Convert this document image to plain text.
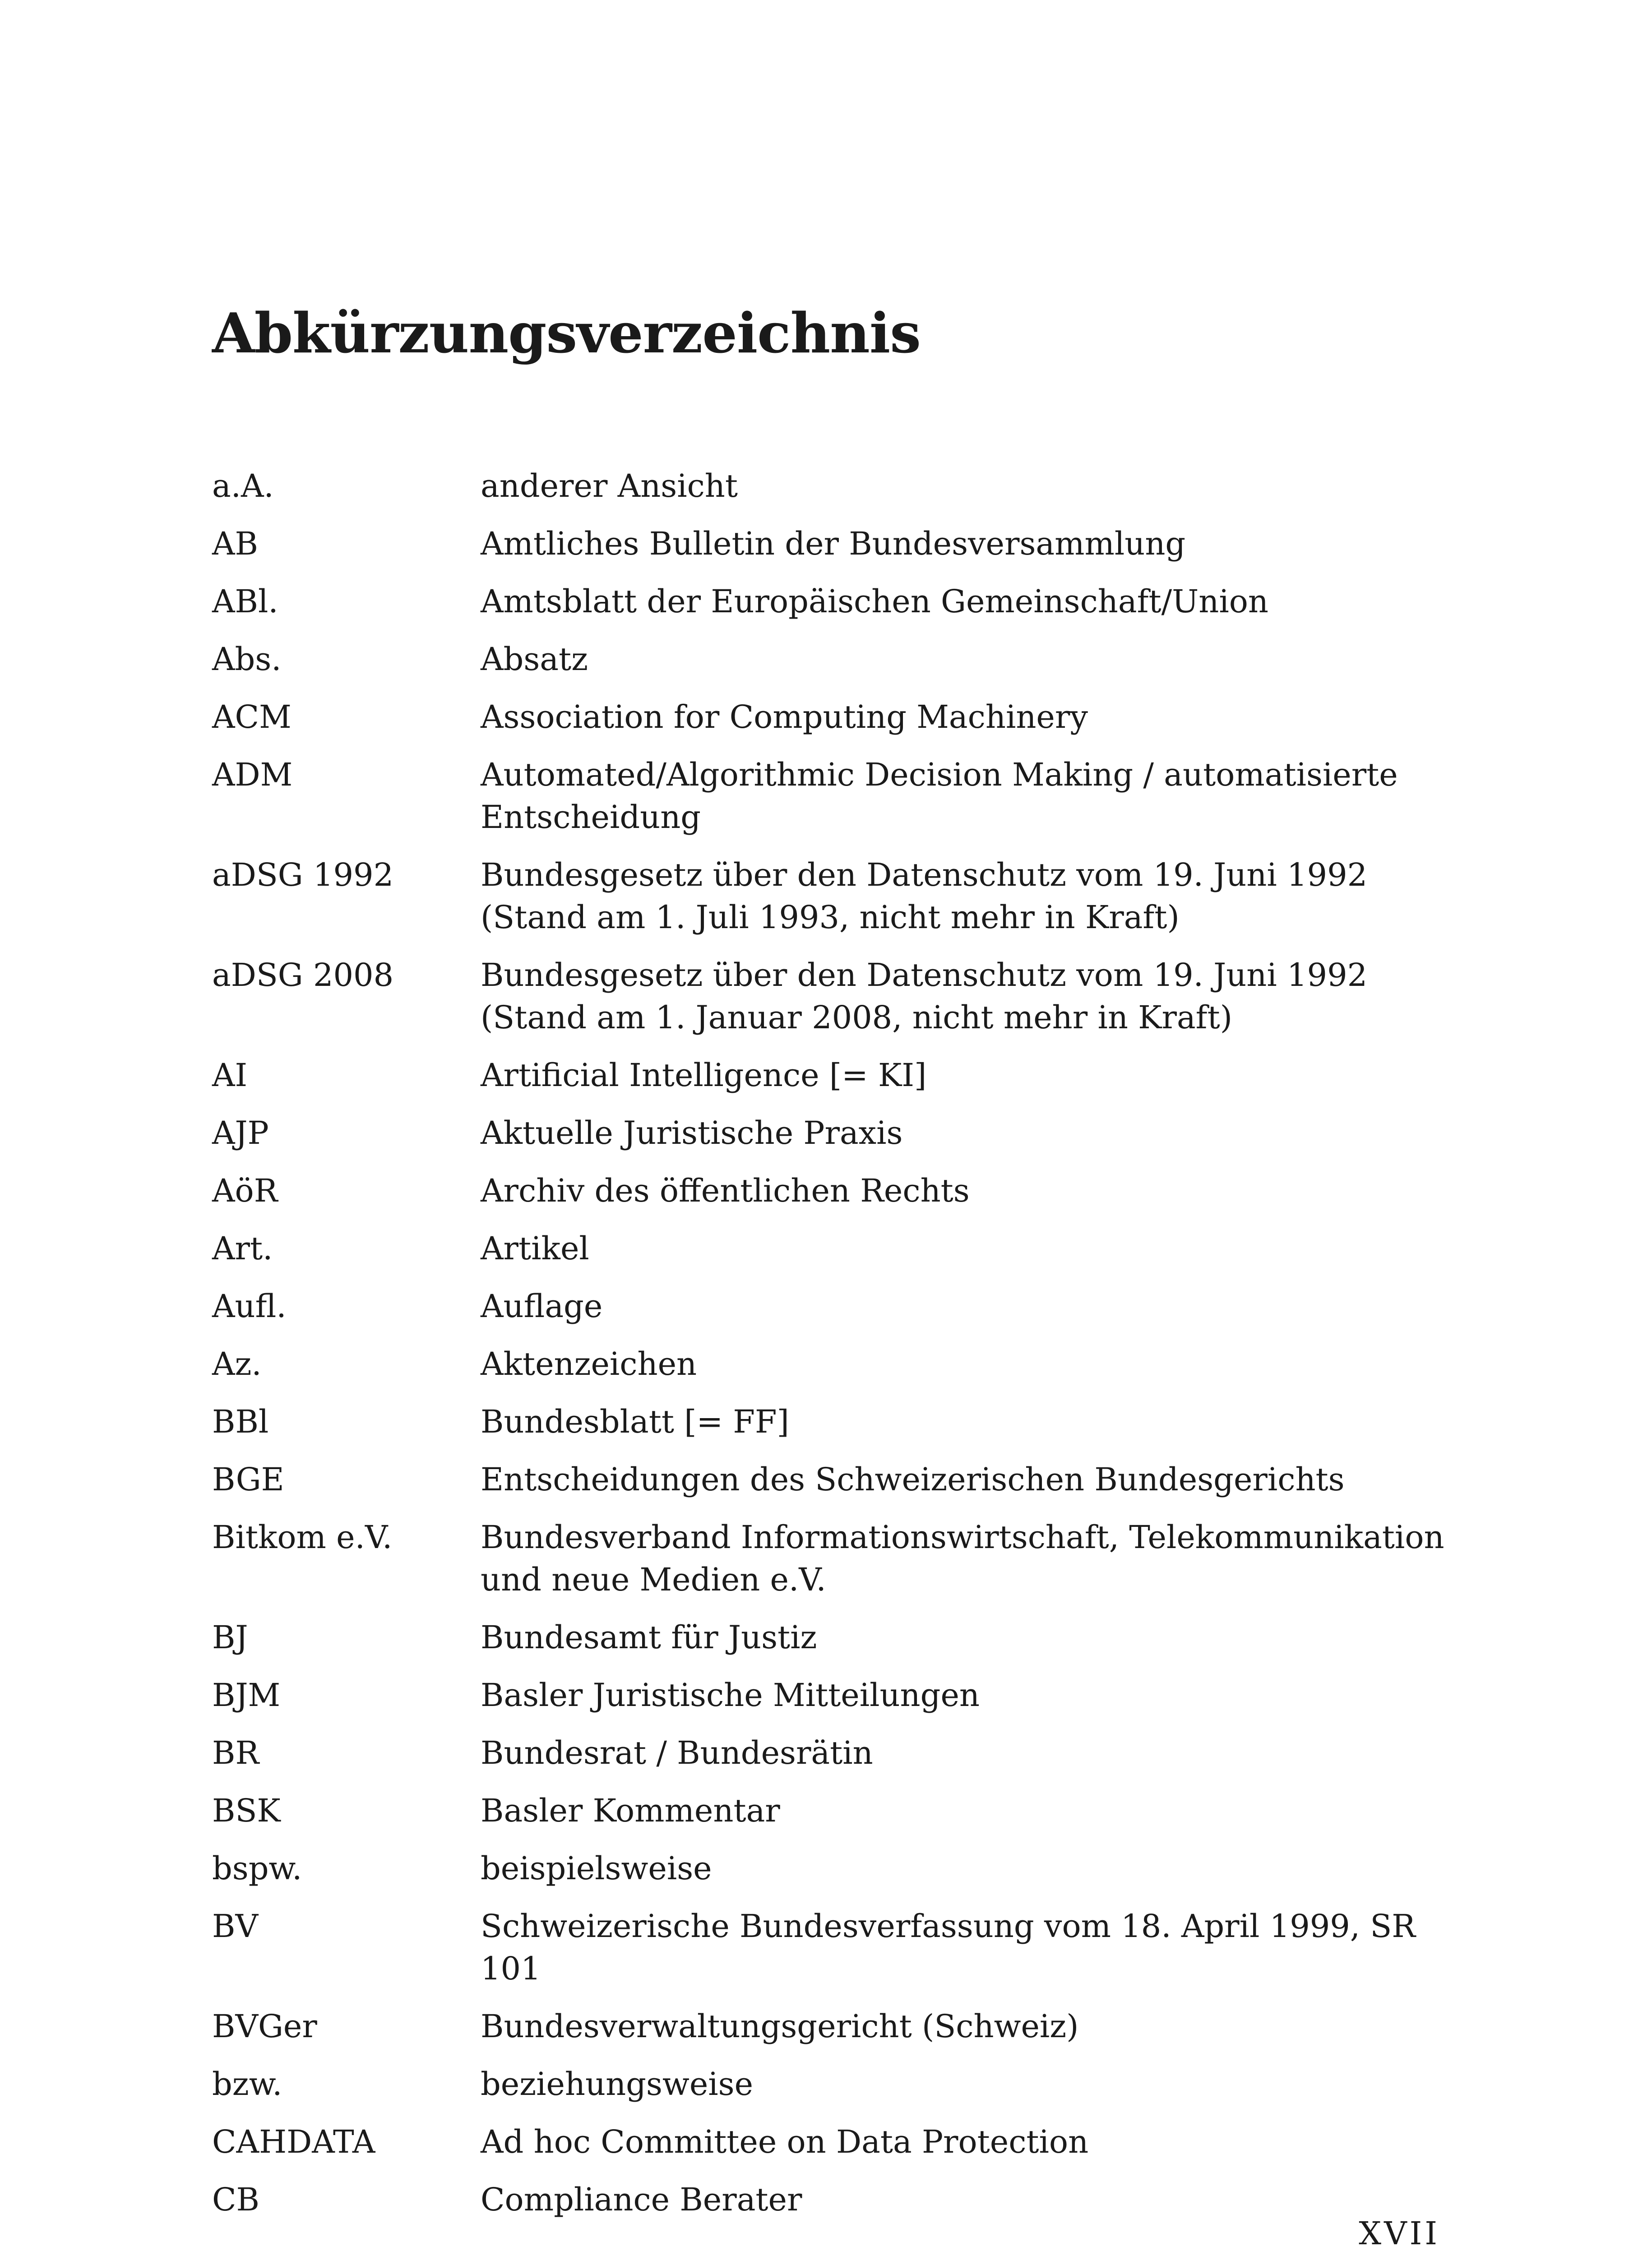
Abkürzungsverzeichnis
a.A.	anderer Ansicht
AB	Amtliches Bulletin der Bundesversammlung
ABl.	Amtsblatt der Europäischen Gemeinschaft/Union
Abs.	Absatz
ACM	Association for Computing Machinery
ADM	Automated/Algorithmic Decision Making / automatisierte Entscheidung
aDSG 1992	Bundesgesetz über den Datenschutz vom 19. Juni 1992 (Stand am 1. Juli 1993, nicht mehr in Kraft)
aDSG 2008	Bundesgesetz über den Datenschutz vom 19. Juni 1992 (Stand am 1. Januar 2008, nicht mehr in Kraft)
AI	Artificial Intelligence [= KI]
AJP	Aktuelle Juristische Praxis
AöR	Archiv des öffentlichen Rechts
Art.	Artikel
Aufl.	Auflage
Az.	Aktenzeichen
BBl	Bundesblatt [= FF]
BGE	Entscheidungen des Schweizerischen Bundesgerichts
Bitkom e.V.	Bundesverband Informationswirtschaft, Telekommunikation und neue Medien e.V.
BJ	Bundesamt für Justiz
BJM	Basler Juristische Mitteilungen
BR	Bundesrat / Bundesrätin
BSK	Basler Kommentar
bspw.	beispielsweise
BV	Schweizerische Bundesverfassung vom 18. April 1999, SR 101
BVGer	Bundesverwaltungsgericht (Schweiz)
bzw.	beziehungsweise
CAHDATA	Ad hoc Committee on Data Protection
CB	Compliance Berater
XVII
